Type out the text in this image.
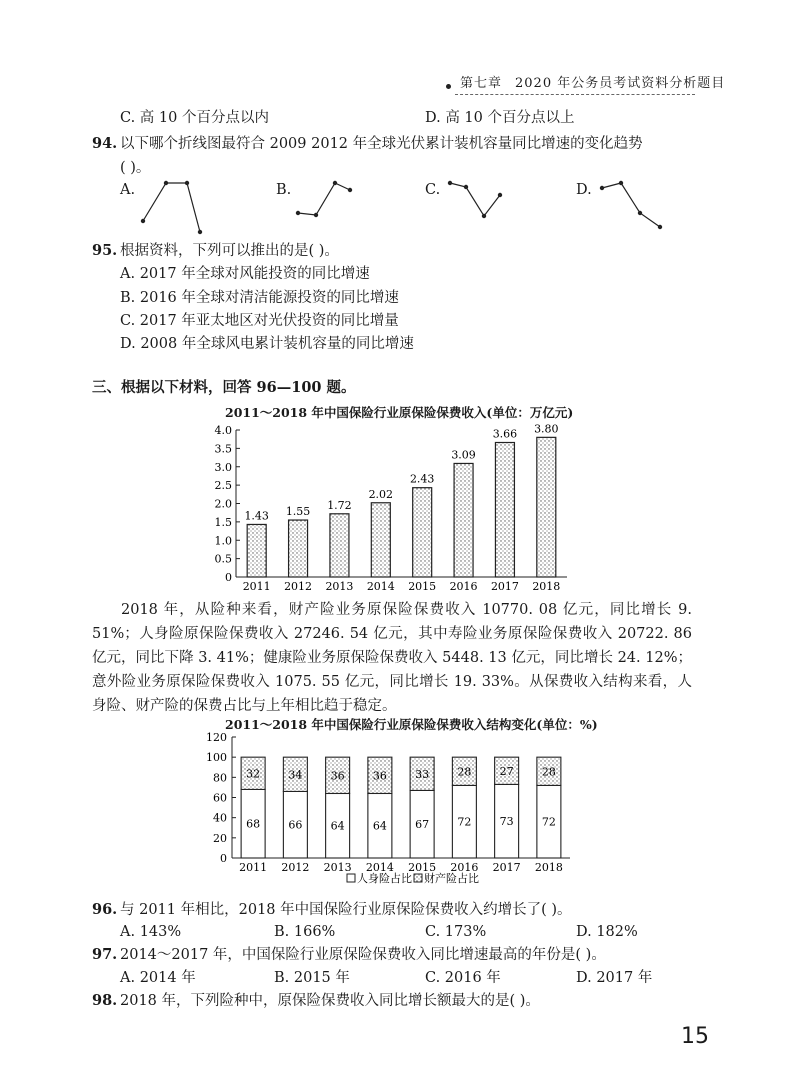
第七章 2020 年公务员考试资料分析题目
C. 高 10 个百分点以内	D. 高 10 个百分点以上
94. 以下哪个折线图最符合 2009 2012 年全球光伏累计装机容量同比增速的变化趋势
( )。
A.	B.	C.	D.
95. 根据资料，下列可以推出的是( )。
A. 2017 年全球对风能投资的同比增速
B. 2016 年全球对清洁能源投资的同比增速
C. 2017 年亚太地区对光伏投资的同比增量
D. 2008 年全球风电累计装机容量的同比增速
三、根据以下材料，回答 96—100 题。
2011～2018 年中国保险行业原保险保费收入(单位：万亿元)
0
0.5
1.0
1.5
2.0
2.5
3.0
3.5
4.0
1.43
2011
1.55
2012
1.72
2013
2.02
2014
2.43
2015
3.09
2016
3.66
2017
3.80
2018
2018 年，从险种来看，财产险业务原保险保费收入 10770. 08 亿元，同比增长 9. 51%；人身险原保险保费收入 27246. 54 亿元，其中寿险业务原保险保费收入 20722. 86 亿元，同比下降 3. 41%；健康险业务原保险保费收入 5448. 13 亿元，同比增长 24. 12%；意外险业务原保险保费收入 1075. 55 亿元，同比增长 19. 33%。从保费收入结构来看，人身险、财产险的保费占比与上年相比趋于稳定。
2011～2018 年中国保险行业原保险保费收入结构变化(单位：%)
0
20
40
60
80
100
120
68
32
2011
66
34
2012
64
36
2013
64
36
2014
67
33
2015
72
28
2016
73
27
2017
72
28
2018
人身险占比 财产险占比
96. 与 2011 年相比，2018 年中国保险行业原保险保费收入约增长了( )。
A. 143%	B. 166%	C. 173%	D. 182%
97. 2014～2017 年，中国保险行业原保险保费收入同比增速最高的年份是( )。
A. 2014 年	B. 2015 年	C. 2016 年	D. 2017 年
98. 2018 年，下列险种中，原保险保费收入同比增长额最大的是( )。
15
